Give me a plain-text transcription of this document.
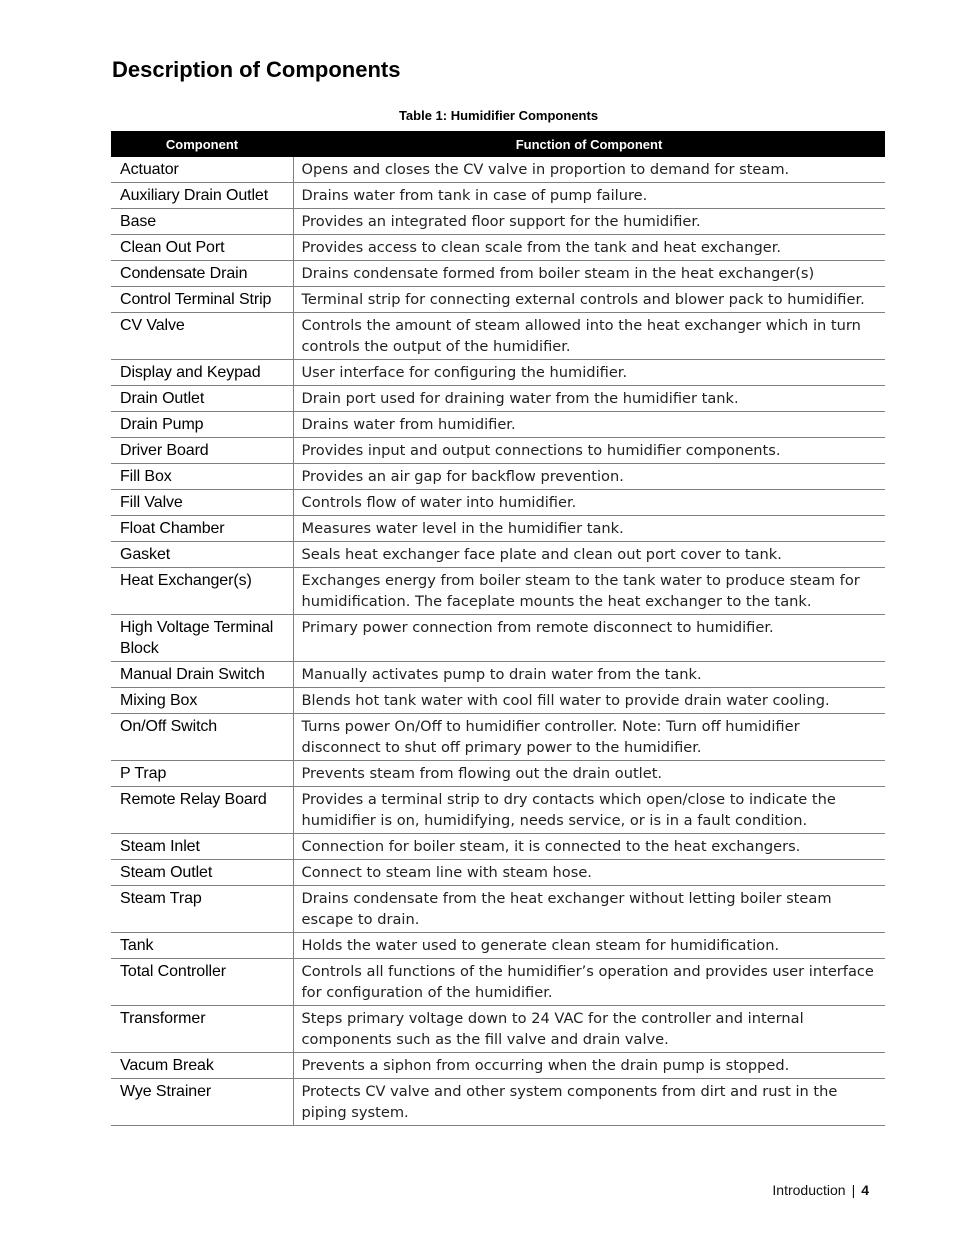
Description of Components
Table 1: Humidifier Components
Component	Function of Component
Actuator	Opens and closes the CV valve in proportion to demand for steam.
Auxiliary Drain Outlet	Drains water from tank in case of pump failure.
Base	Provides an integrated floor support for the humidifier.
Clean Out Port	Provides access to clean scale from the tank and heat exchanger.
Condensate Drain	Drains condensate formed from boiler steam in the heat exchanger(s)
Control Terminal Strip	Terminal strip for connecting external controls and blower pack to humidifier.
CV Valve	Controls the amount of steam allowed into the heat exchanger which in turn controls the output of the humidifier.
Display and Keypad	User interface for configuring the humidifier.
Drain Outlet	Drain port used for draining water from the humidifier tank.
Drain Pump	Drains water from humidifier.
Driver Board	Provides input and output connections to humidifier components.
Fill Box	Provides an air gap for backflow prevention.
Fill Valve	Controls flow of water into humidifier.
Float Chamber	Measures water level in the humidifier tank.
Gasket	Seals heat exchanger face plate and clean out port cover to tank.
Heat Exchanger(s)	Exchanges energy from boiler steam to the tank water to produce steam for humidification. The faceplate mounts the heat exchanger to the tank.
High Voltage Terminal Block	Primary power connection from remote disconnect to humidifier.
Manual Drain Switch	Manually activates pump to drain water from the tank.
Mixing Box	Blends hot tank water with cool fill water to provide drain water cooling.
On/Off Switch	Turns power On/Off to humidifier controller. Note: Turn off humidifier disconnect to shut off primary power to the humidifier.
P Trap	Prevents steam from flowing out the drain outlet.
Remote Relay Board	Provides a terminal strip to dry contacts which open/close to indicate the humidifier is on, humidifying, needs service, or is in a fault condition.
Steam Inlet	Connection for boiler steam, it is connected to the heat exchangers.
Steam Outlet	Connect to steam line with steam hose.
Steam Trap	Drains condensate from the heat exchanger without letting boiler steam escape to drain.
Tank	Holds the water used to generate clean steam for humidification.
Total Controller	Controls all functions of the humidifier’s operation and provides user interface for configuration of the humidifier.
Transformer	Steps primary voltage down to 24 VAC for the controller and internal components such as the fill valve and drain valve.
Vacum Break	Prevents a siphon from occurring when the drain pump is stopped.
Wye Strainer	Protects CV valve and other system components from dirt and rust in the piping system.
Introduction | 4
